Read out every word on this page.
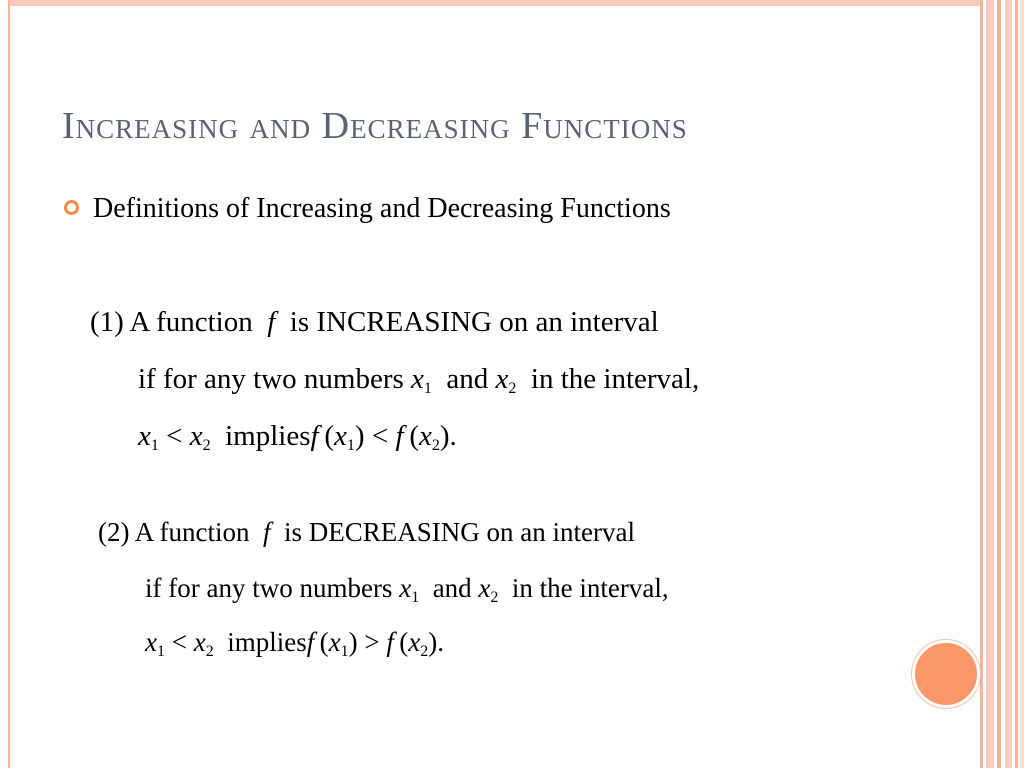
Increasing and Decreasing Functions
Definitions of Increasing and Decreasing Functions
(1) A function f is INCREASING on an interval
if for any two numbers $x_1$ and $x_2$ in the interval,
$x_1 < x_2$ impliesf  $(x_1) < f$  $(x_2)$.
(2) A function f is DECREASING on an interval
if for any two numbers $x_1$ and $x_2$ in the interval,
$x_1 < x_2$ impliesf  $(x_1) > f$  $(x_2)$.
